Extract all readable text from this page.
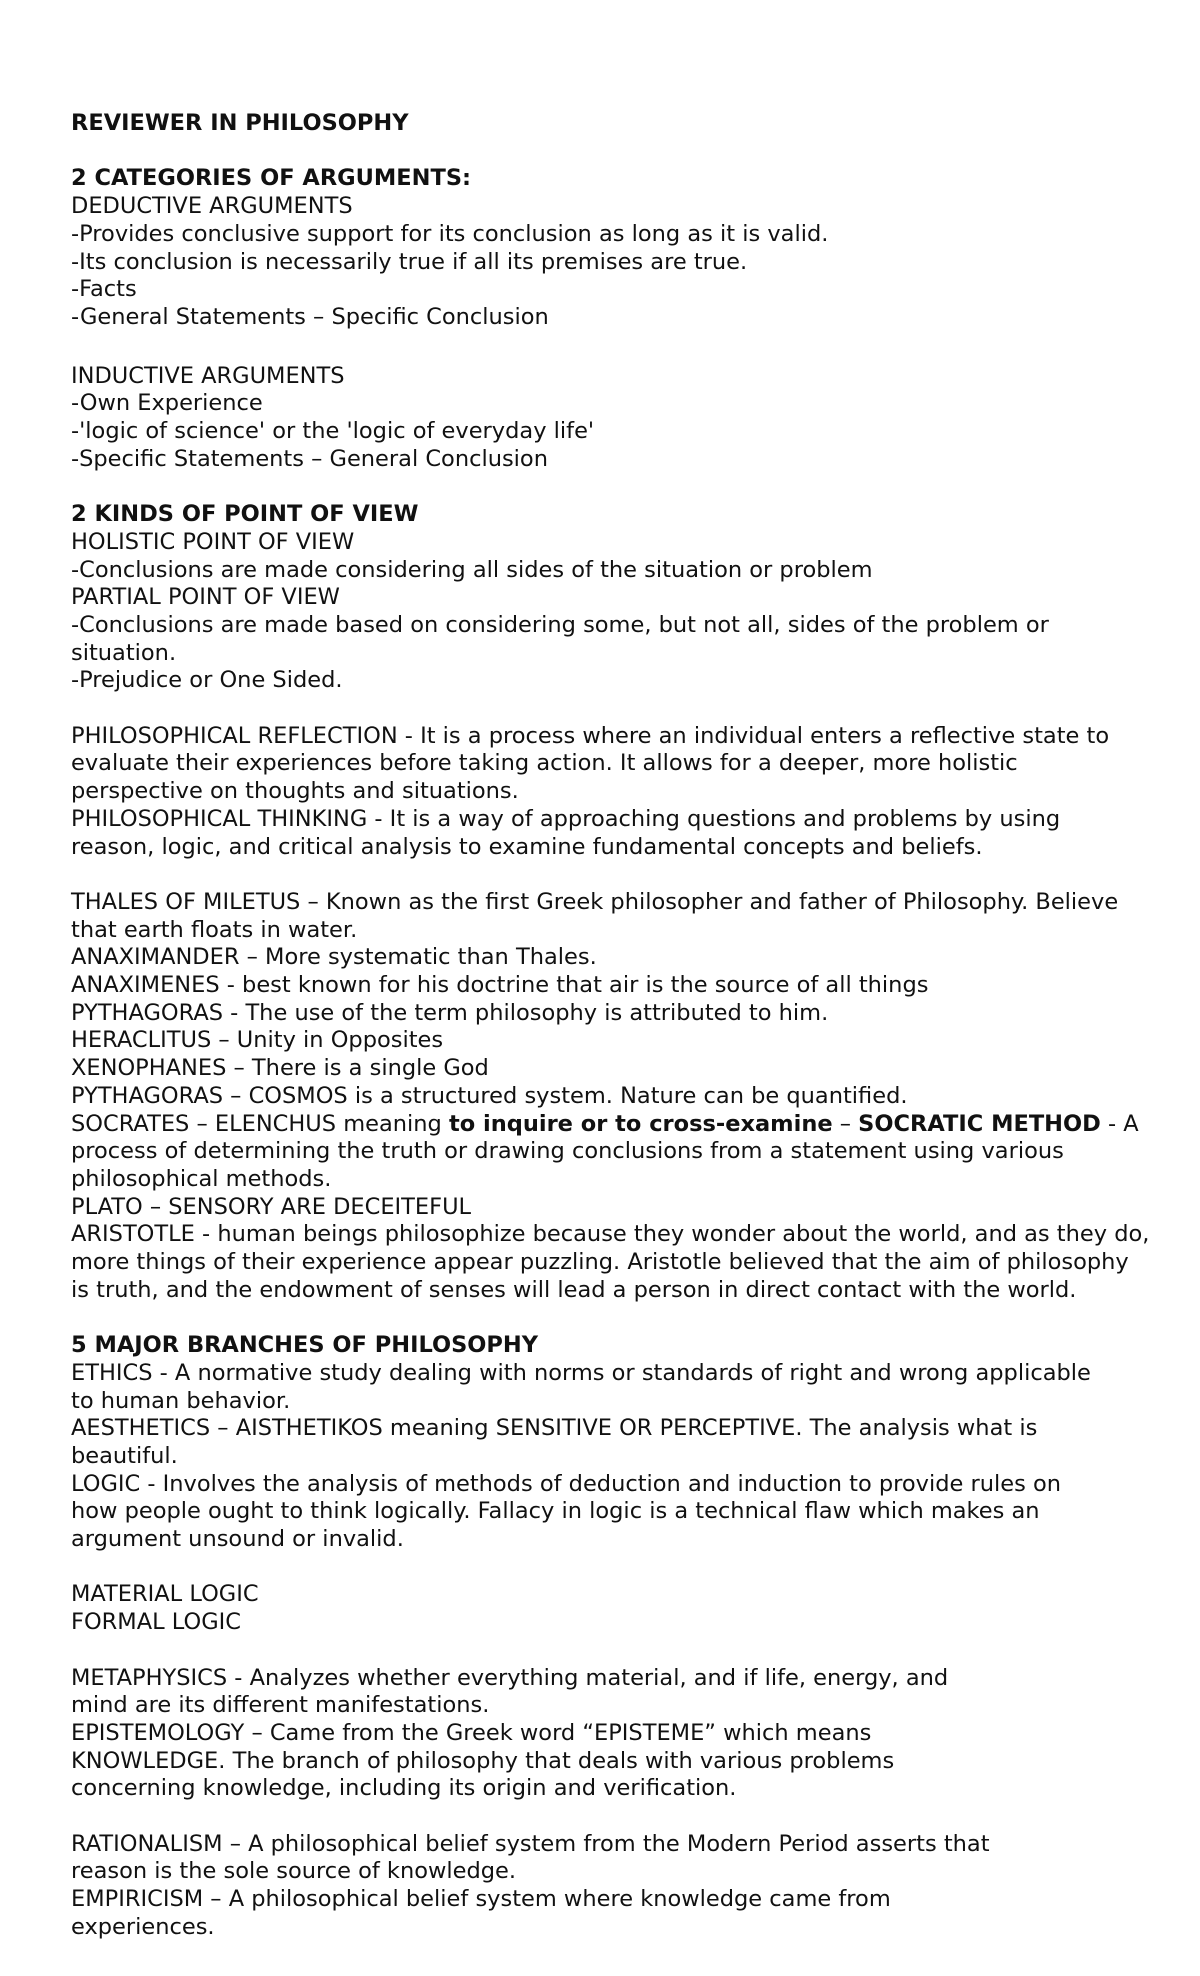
REVIEWER IN PHILOSOPHY
2 CATEGORIES OF ARGUMENTS:
DEDUCTIVE ARGUMENTS
-Provides conclusive support for its conclusion as long as it is valid.
-Its conclusion is necessarily true if all its premises are true.
-Facts
-General Statements – Specific Conclusion
INDUCTIVE ARGUMENTS
-Own Experience
-'logic of science' or the 'logic of everyday life'
-Specific Statements – General Conclusion
2 KINDS OF POINT OF VIEW
HOLISTIC POINT OF VIEW
-Conclusions are made considering all sides of the situation or problem
PARTIAL POINT OF VIEW
-Conclusions are made based on considering some, but not all, sides of the problem or
situation.
-Prejudice or One Sided.
PHILOSOPHICAL REFLECTION - It is a process where an individual enters a reflective state to
evaluate their experiences before taking action. It allows for a deeper, more holistic
perspective on thoughts and situations.
PHILOSOPHICAL THINKING - It is a way of approaching questions and problems by using
reason, logic, and critical analysis to examine fundamental concepts and beliefs.
THALES OF MILETUS – Known as the first Greek philosopher and father of Philosophy. Believe
that earth floats in water.
ANAXIMANDER – More systematic than Thales.
ANAXIMENES - best known for his doctrine that air is the source of all things
PYTHAGORAS - The use of the term philosophy is attributed to him.
HERACLITUS – Unity in Opposites
XENOPHANES – There is a single God
PYTHAGORAS – COSMOS is a structured system. Nature can be quantified.
SOCRATES – ELENCHUS meaning to inquire or to cross-examine – SOCRATIC METHOD - A
process of determining the truth or drawing conclusions from a statement using various
philosophical methods.
PLATO – SENSORY ARE DECEITEFUL
ARISTOTLE - human beings philosophize because they wonder about the world, and as they do,
more things of their experience appear puzzling. Aristotle believed that the aim of philosophy
is truth, and the endowment of senses will lead a person in direct contact with the world.
5 MAJOR BRANCHES OF PHILOSOPHY
ETHICS - A normative study dealing with norms or standards of right and wrong applicable
to human behavior.
AESTHETICS – AISTHETIKOS meaning SENSITIVE OR PERCEPTIVE. The analysis what is
beautiful.
LOGIC - Involves the analysis of methods of deduction and induction to provide rules on
how people ought to think logically. Fallacy in logic is a technical flaw which makes an
argument unsound or invalid.
MATERIAL LOGIC
FORMAL LOGIC
METAPHYSICS - Analyzes whether everything material, and if life, energy, and
mind are its different manifestations.
EPISTEMOLOGY – Came from the Greek word “EPISTEME” which means
KNOWLEDGE. The branch of philosophy that deals with various problems
concerning knowledge, including its origin and verification.
RATIONALISM – A philosophical belief system from the Modern Period asserts that
reason is the sole source of knowledge.
EMPIRICISM – A philosophical belief system where knowledge came from
experiences.
